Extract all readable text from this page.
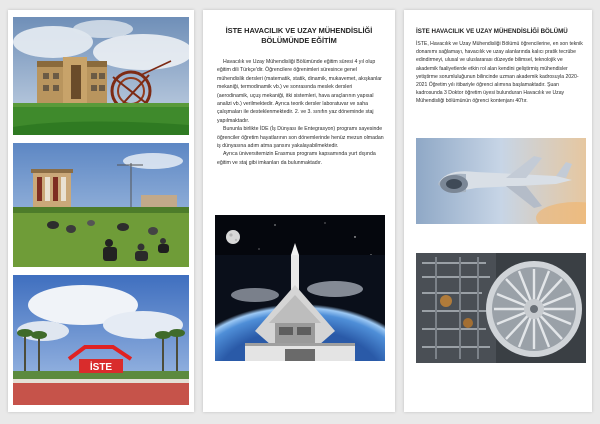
İSTE
İSTE HAVACILIK VE UZAY MÜHENDİSLİĞİ
BÖLÜMÜNDE EĞİTİM

Havacılık ve Uzay Mühendisliği Bölümünde eğitim süresi 4 yıl olup eğitim dili Türkçe'dir. Öğrencilere öğrenimleri süresince genel mühendislik dersleri (matematik, statik, dinamik, mukavemet, akışkanlar mekaniği, termodinamik vb.) ve sonrasında meslek dersleri (aerodinamik, uçuş mekaniği, itki sistemleri, hava araçlarının yapısal analizi vb.) verilmektedir. Ayrıca teorik dersler laboratuvar ve saha çalışmaları ile desteklenmektedir. 2. ve 3. sınıfın yaz döneminde staj yapılmaktadır.

Bununla birlikte İDE (İş Dünyası ile Entegrasyon) programı sayesinde öğrenciler öğretim hayatlarının son dönemlerinde henüz mezun olmadan iş dünyasına adım atma şansını yakalayabilmektedir.

Ayrıca üniversitemizin Erasmus programı kapsamında yurt dışında eğitim ve staj gibi imkanları da bulunmaktadır.

İSTE HAVACILIK VE UZAY MÜHENDİSLİĞİ BÖLÜMÜ

İSTE, Havacılık ve Uzay Mühendisliği Bölümü öğrencilerine, en son teknik donanımı sağlamayı, havacılık ve uzay alanlarında kalıcı pratik tecrübe edindirmeyi, ulusal ve uluslararası düzeyde bilimsel, teknolojik ve akademik faaliyetlerde etkin rol alan kendini geliştirmiş mühendisler yetiştirme sorumluluğunun bilincinde uzman akademik kadrosuyla 2020-2021 Öğretim yılı itibariyle öğrenci alımına başlamaktadır. Şuan kadrosunda 3 Doktor öğretim üyesi bulunduran Havacılık ve Uzay Mühendisliği bölümünün öğrenci kontenjanı 40'tır.
